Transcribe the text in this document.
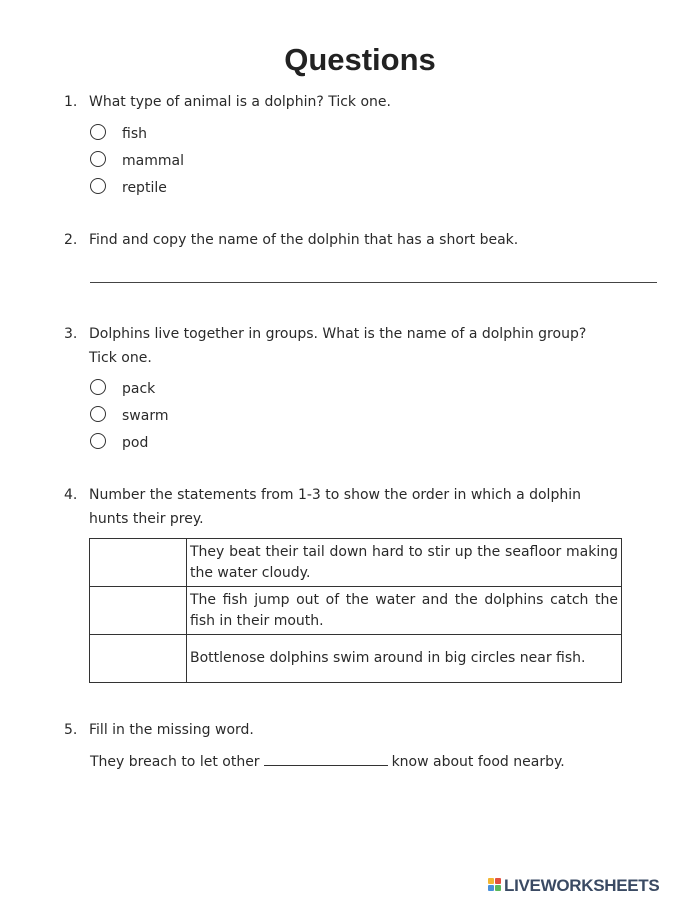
Questions
1. What type of animal is a dolphin? Tick one.
fish
mammal
reptile
2. Find and copy the name of the dolphin that has a short beak.
3. Dolphins live together in groups. What is the name of a dolphin group?
Tick one.
pack
swarm
pod
4. Number the statements from 1-3 to show the order in which a dolphin
hunts their prey.
	They beat their tail down hard to stir up the seafloor making the water cloudy.
	The fish jump out of the water and the dolphins catch the fish in their mouth.
	Bottlenose dolphins swim around in big circles near fish.
5. Fill in the missing word.
They breach to let other	know about food nearby.
LIVEWORKSHEETS
